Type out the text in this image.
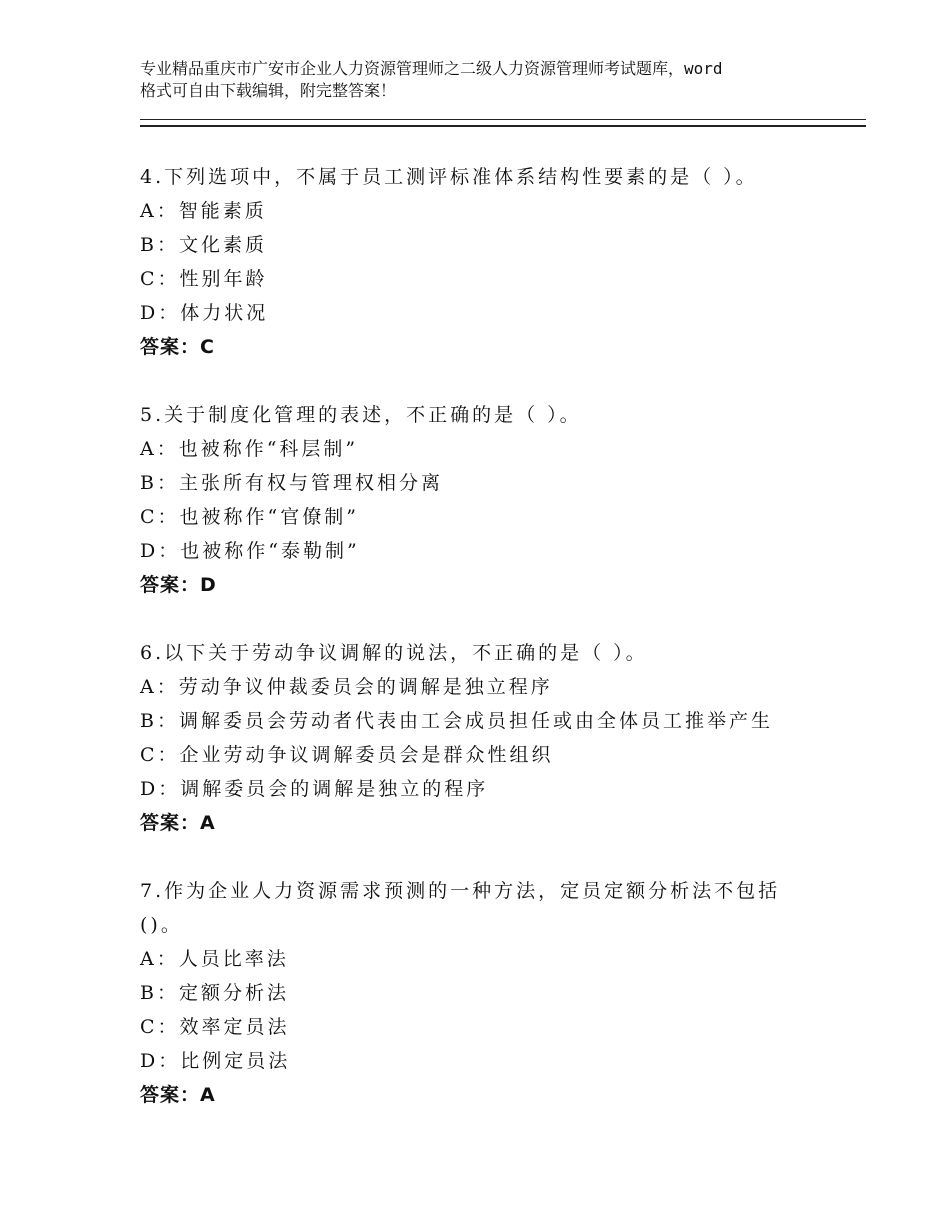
专业精品重庆市广安市企业人力资源管理师之二级人力资源管理师考试题库，word
格式可自由下载编辑，附完整答案！
4.下列选项中，不属于员工测评标准体系结构性要素的是（ ）。
A：智能素质
B：文化素质
C：性别年龄
D：体力状况
答案：C
5.关于制度化管理的表述，不正确的是（ ）。
A：也被称作“科层制”
B：主张所有权与管理权相分离
C：也被称作“官僚制”
D：也被称作“泰勒制”
答案：D
6.以下关于劳动争议调解的说法，不正确的是（ ）。
A：劳动争议仲裁委员会的调解是独立程序
B：调解委员会劳动者代表由工会成员担任或由全体员工推举产生
C：企业劳动争议调解委员会是群众性组织
D：调解委员会的调解是独立的程序
答案：A
7.作为企业人力资源需求预测的一种方法，定员定额分析法不包括
()。
A：人员比率法
B：定额分析法
C：效率定员法
D：比例定员法
答案：A
